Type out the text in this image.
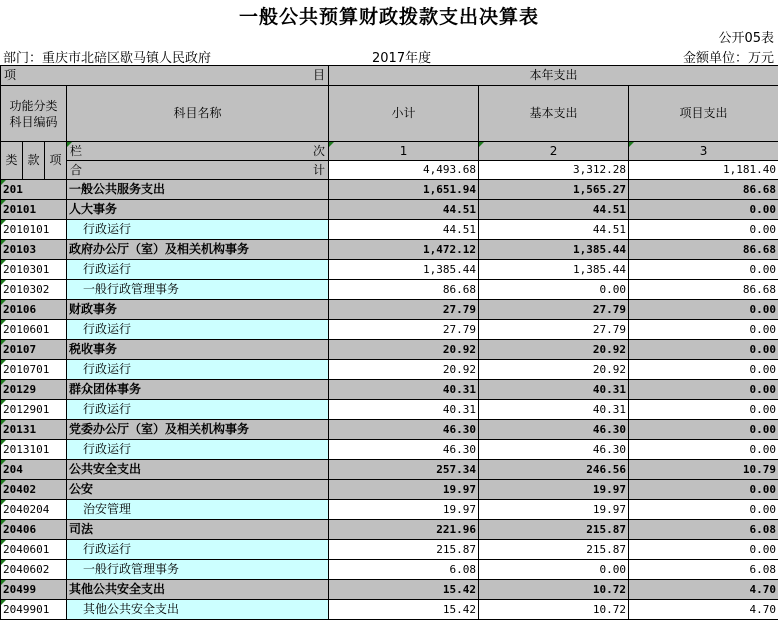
一般公共预算财政拨款支出决算表
公开05表
部门：重庆市北碚区歇马镇人民政府	2017年度	金额单位：万元
项 目				本年支出		
功能分类
科目编码			科目名称	小计	基本支出	项目支出
类	款	项	栏 次	1	2	3

			合 计	4,493.68	3,312.28	1,181.40
201			一般公共服务支出	1,651.94	1,565.27	86.68
20101			人大事务	44.51	44.51	0.00
2010101			行政运行	44.51	44.51	0.00
20103			政府办公厅（室）及相关机构事务	1,472.12	1,385.44	86.68
2010301			行政运行	1,385.44	1,385.44	0.00
2010302			一般行政管理事务	86.68	0.00	86.68
20106			财政事务	27.79	27.79	0.00
2010601			行政运行	27.79	27.79	0.00
20107			税收事务	20.92	20.92	0.00
2010701			行政运行	20.92	20.92	0.00
20129			群众团体事务	40.31	40.31	0.00
2012901			行政运行	40.31	40.31	0.00
20131			党委办公厅（室）及相关机构事务	46.30	46.30	0.00
2013101			行政运行	46.30	46.30	0.00
204			公共安全支出	257.34	246.56	10.79
20402			公安	19.97	19.97	0.00
2040204			治安管理	19.97	19.97	0.00
20406			司法	221.96	215.87	6.08
2040601			行政运行	215.87	215.87	0.00
2040602			一般行政管理事务	6.08	0.00	6.08
20499			其他公共安全支出	15.42	10.72	4.70
2049901			其他公共安全支出	15.42	10.72	4.70
